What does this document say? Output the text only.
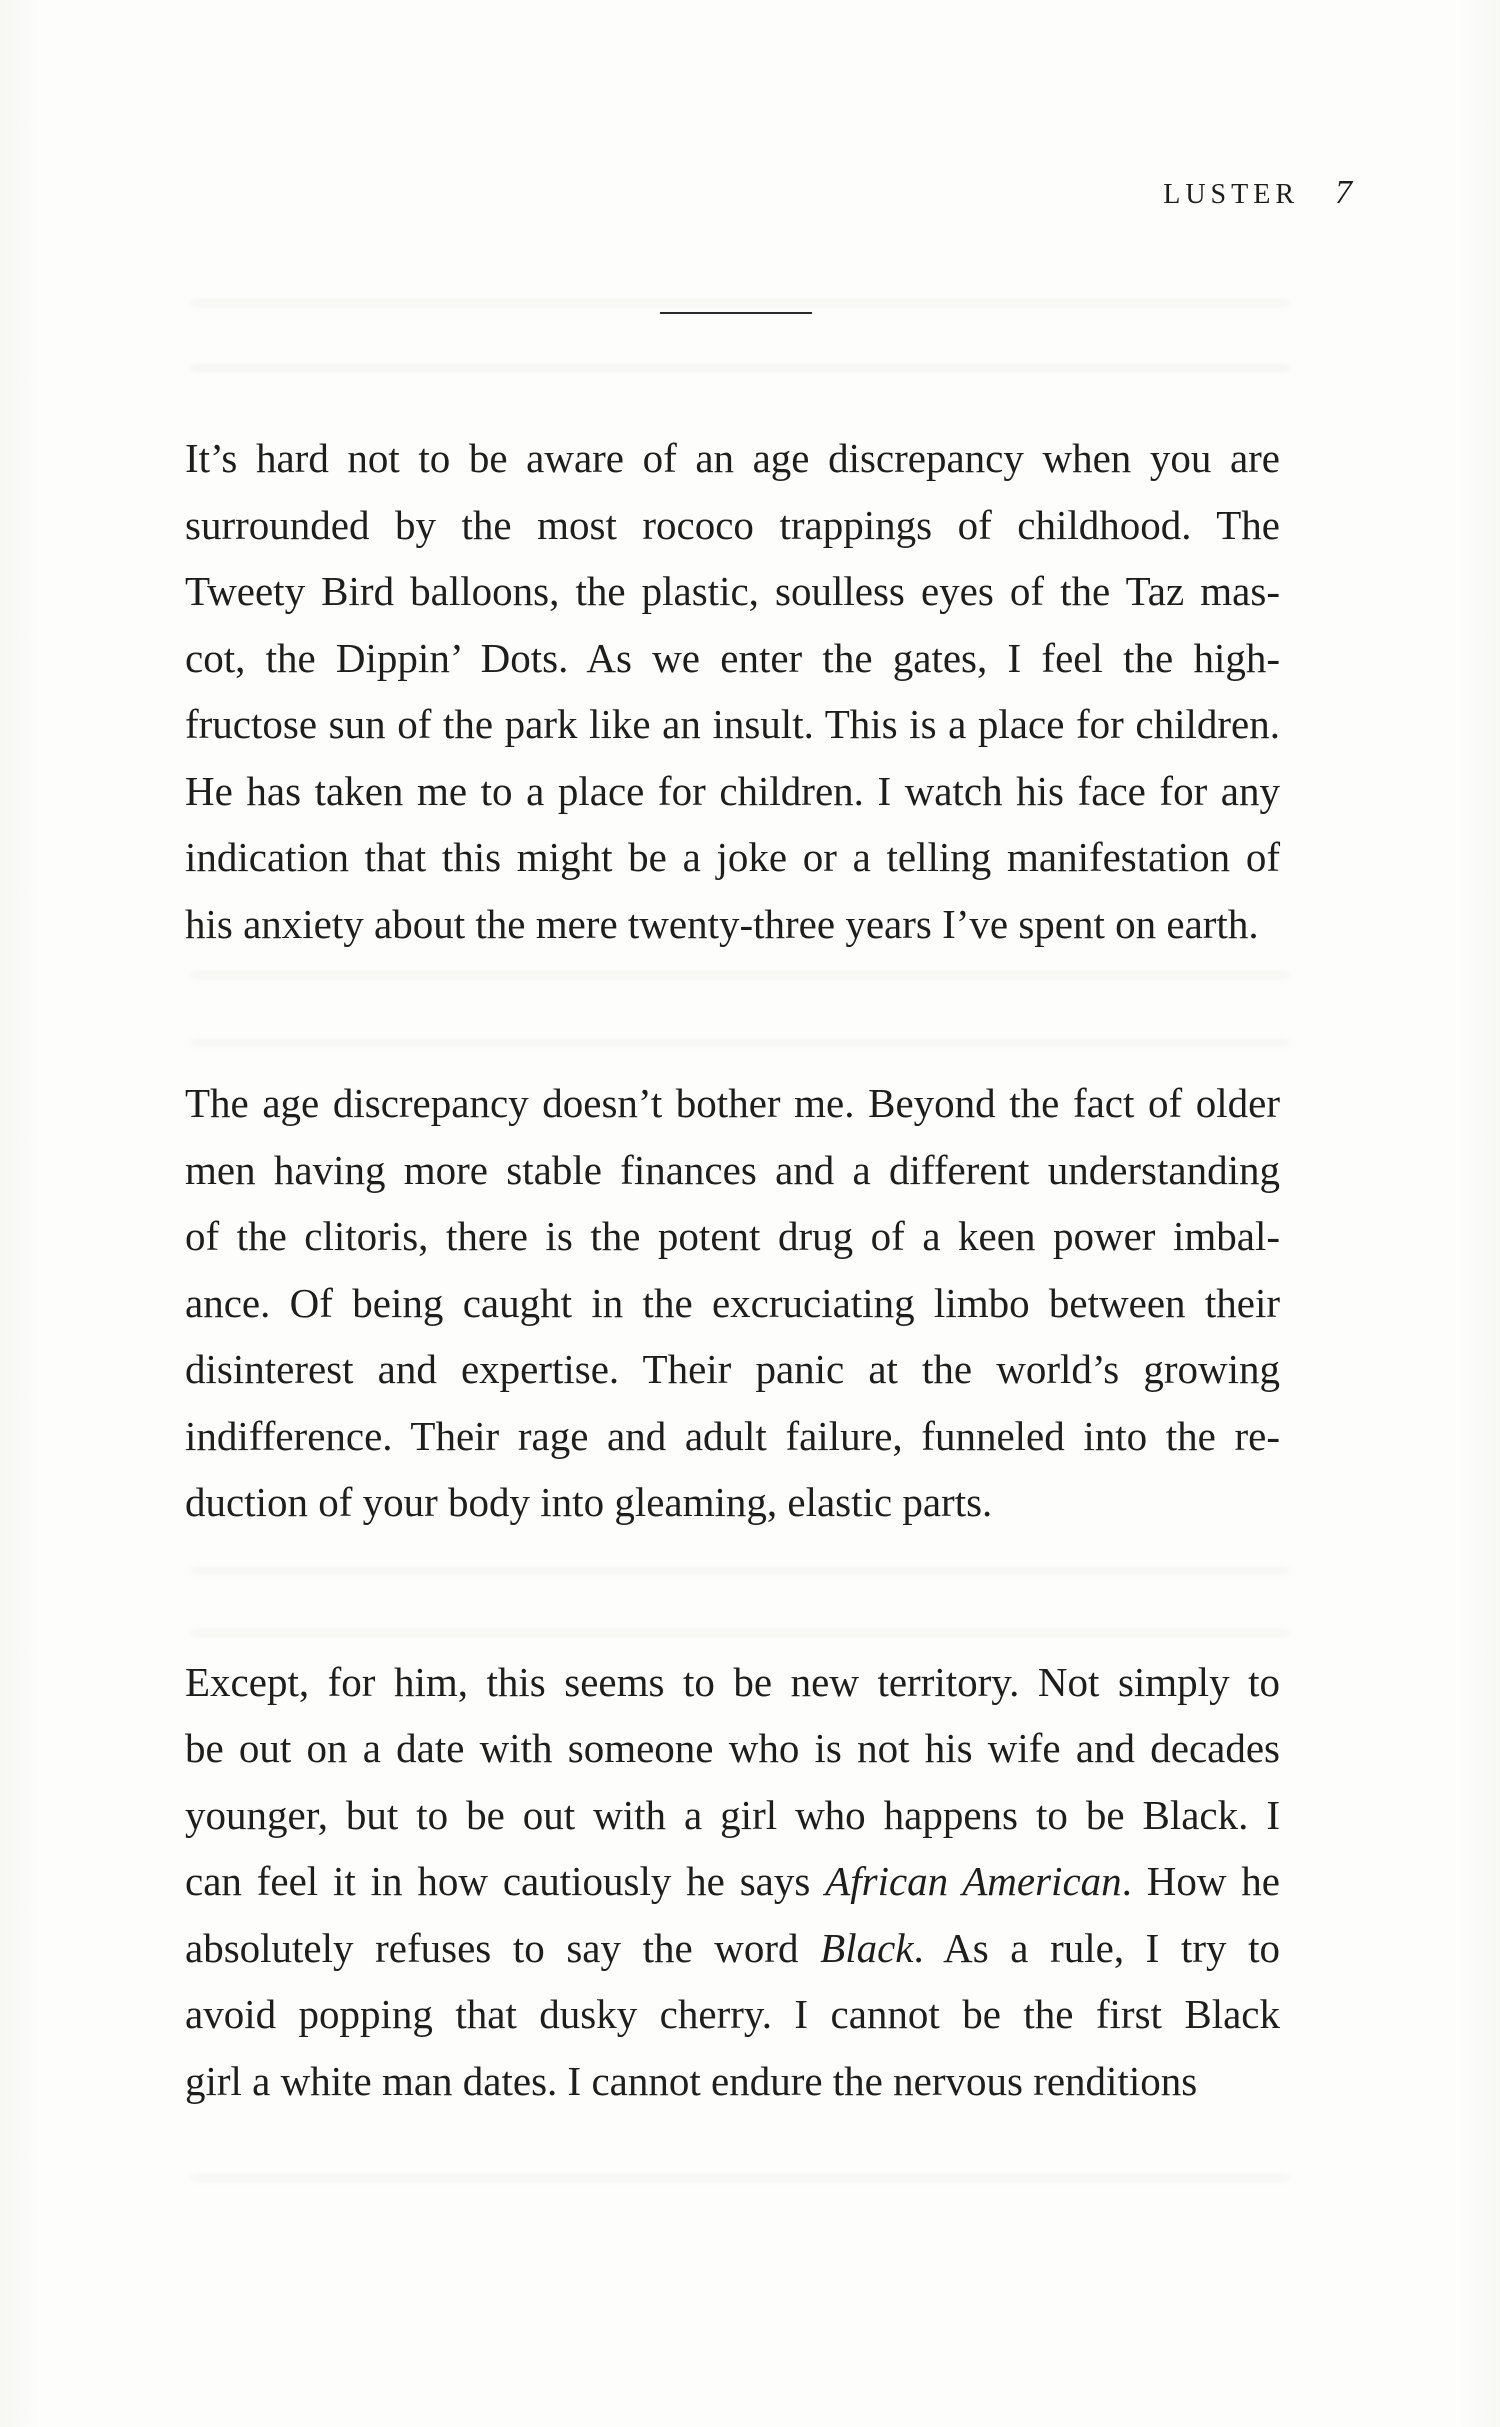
LUSTER 7

It’s hard not to be aware of an age discrepancy when you are
surrounded by the most rococo trappings of childhood. The
Tweety Bird balloons, the plastic, soulless eyes of the Taz mas-
cot, the Dippin’ Dots. As we enter the gates, I feel the high-
fructose sun of the park like an insult. This is a place for children.
He has taken me to a place for children. I watch his face for any
indication that this might be a joke or a telling manifestation of
his anxiety about the mere twenty-three years I’ve spent on earth.

The age discrepancy doesn’t bother me. Beyond the fact of older
men having more stable finances and a different understanding
of the clitoris, there is the potent drug of a keen power imbal-
ance. Of being caught in the excruciating limbo between their
disinterest and expertise. Their panic at the world’s growing
indifference. Their rage and adult failure, funneled into the re-
duction of your body into gleaming, elastic parts.

Except, for him, this seems to be new territory. Not simply to
be out on a date with someone who is not his wife and decades
younger, but to be out with a girl who happens to be Black. I
can feel it in how cautiously he says African American. How he
absolutely refuses to say the word Black. As a rule, I try to
avoid popping that dusky cherry. I cannot be the first Black
girl a white man dates. I cannot endure the nervous renditions
